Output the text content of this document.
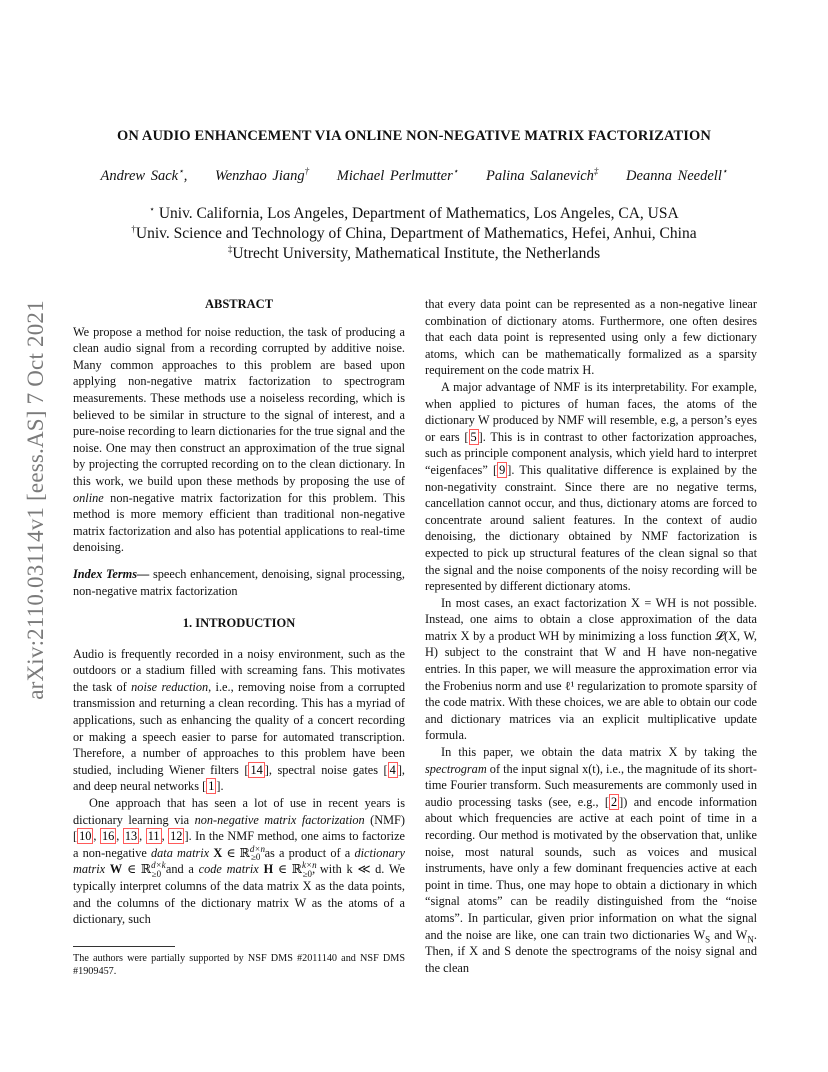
arXiv:2110.03114v1 [eess.AS] 7 Oct 2021
ON AUDIO ENHANCEMENT VIA ONLINE NON-NEGATIVE MATRIX FACTORIZATION
Andrew Sack⋆, Wenzhao Jiang† Michael Perlmutter⋆ Palina Salanevich‡ Deanna Needell⋆
⋆ Univ. California, Los Angeles, Department of Mathematics, Los Angeles, CA, USA
†Univ. Science and Technology of China, Department of Mathematics, Hefei, Anhui, China
‡Utrecht University, Mathematical Institute, the Netherlands
ABSTRACT

We propose a method for noise reduction, the task of producing a clean audio signal from a recording corrupted by additive noise. Many common approaches to this problem are based upon applying non-negative matrix factorization to spectrogram measurements. These methods use a noiseless recording, which is believed to be similar in structure to the signal of interest, and a pure-noise recording to learn dictionaries for the true signal and the noise. One may then construct an approximation of the true signal by projecting the corrupted recording on to the clean dictionary. In this work, we build upon these methods by proposing the use of online non-negative matrix factorization for this problem. This method is more memory efficient than traditional non-negative matrix factorization and also has potential applications to real-time denoising.

Index Terms— speech enhancement, denoising, signal processing, non-negative matrix factorization

1. INTRODUCTION

Audio is frequently recorded in a noisy environment, such as the outdoors or a stadium filled with screaming fans. This motivates the task of noise reduction, i.e., removing noise from a corrupted transmission and returning a clean recording. This has a myriad of applications, such as enhancing the quality of a concert recording or making a speech easier to parse for automated transcription. Therefore, a number of approaches to this problem have been studied, including Wiener filters [ 14 ], spectral noise gates [ 4 ], and deep neural networks [ 1 ].

One approach that has seen a lot of use in recent years is dictionary learning via non-negative matrix factorization (NMF) [ 10 , 16 , 13 , 11 , 12 ]. In the NMF method, one aims to factorize a non-negative data matrix X ∈ ℝ$^{d\times n}_{\ge 0}$ as a product of a dictionary matrix W ∈ ℝ$^{d\times k}_{\ge 0}$ and a code matrix H ∈ ℝ$^{k\times n}_{\ge 0}$, with k ≪ d. We typically interpret columns of the data matrix X as the data points, and the columns of the dictionary matrix W as the atoms of a dictionary, such

that every data point can be represented as a non-negative linear combination of dictionary atoms. Furthermore, one often desires that each data point is represented using only a few dictionary atoms, which can be mathematically formalized as a sparsity requirement on the code matrix H.

A major advantage of NMF is its interpretability. For example, when applied to pictures of human faces, the atoms of the dictionary W produced by NMF will resemble, e.g, a person’s eyes or ears [ 5 ]. This is in contrast to other factorization approaches, such as principle component analysis, which yield hard to interpret “eigenfaces” [ 9 ]. This qualitative difference is explained by the non-negativity constraint. Since there are no negative terms, cancellation cannot occur, and thus, dictionary atoms are forced to concentrate around salient features. In the context of audio denoising, the dictionary obtained by NMF factorization is expected to pick up structural features of the clean signal so that the signal and the noise components of the noisy recording will be represented by different dictionary atoms.

In most cases, an exact factorization X = WH is not possible. Instead, one aims to obtain a close approximation of the data matrix X by a product WH by minimizing a loss function 𝓛(X, W, H) subject to the constraint that W and H have non-negative entries. In this paper, we will measure the approximation error via the Frobenius norm and use ℓ¹ regularization to promote sparsity of the code matrix. With these choices, we are able to obtain our code and dictionary matrices via an explicit multiplicative update formula.

In this paper, we obtain the data matrix X by taking the spectrogram of the input signal x(t), i.e., the magnitude of its short-time Fourier transform. Such measurements are commonly used in audio processing tasks (see, e.g., [ 2 ]) and encode information about which frequencies are active at each point of time in a recording. Our method is motivated by the observation that, unlike noise, most natural sounds, such as voices and musical instruments, have only a few dominant frequencies active at each point in time. Thus, one may hope to obtain a dictionary in which “signal atoms” can be readily distinguished from the “noise atoms”. In particular, given prior information on what the signal and the noise are like, one can train two dictionaries $W_S$ and $W_N$. Then, if X and S denote the spectrograms of the noisy signal and the clean

The authors were partially supported by NSF DMS #2011140 and NSF DMS #1909457.
